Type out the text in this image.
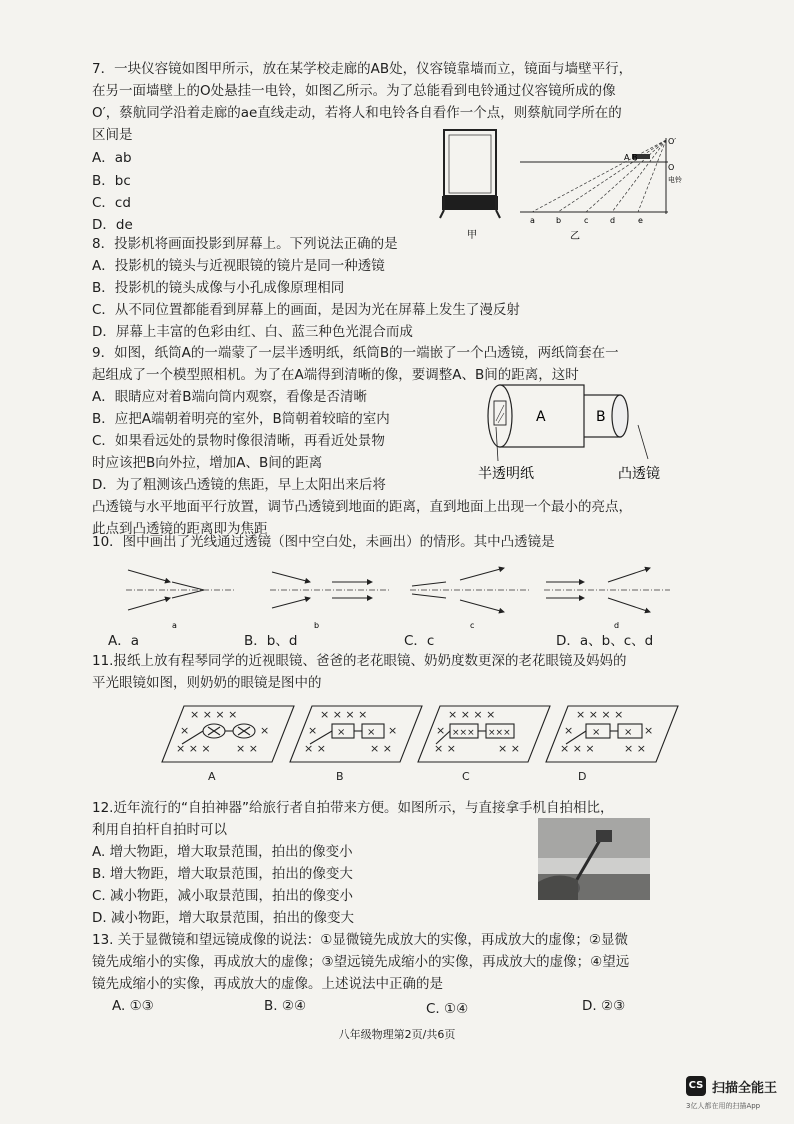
7．一块仪容镜如图甲所示，放在某学校走廊的AB处，仪容镜靠墙而立，镜面与墙壁平行，
在另一面墙壁上的O处悬挂一电铃，如图乙所示。为了总能看到电铃通过仪容镜所成的像
O′，蔡航同学沿着走廊的ae直线走动，若将人和电铃各自看作一个点，则蔡航同学所在的
区间是
A．ab
B．bc
C．cd
D．de
甲
O′
A B
O
电铃
a	b	c	d	e
乙
8．投影机将画面投影到屏幕上。下列说法正确的是
A．投影机的镜头与近视眼镜的镜片是同一种透镜
B．投影机的镜头成像与小孔成像原理相同
C．从不同位置都能看到屏幕上的画面，是因为光在屏幕上发生了漫反射
D．屏幕上丰富的色彩由红、白、蓝三种色光混合而成
9．如图，纸筒A的一端蒙了一层半透明纸，纸筒B的一端嵌了一个凸透镜，两纸筒套在一
起组成了一个模型照相机。为了在A端得到清晰的像，要调整A、B间的距离，这时
A．眼睛应对着B端向筒内观察，看像是否清晰
B．应把A端朝着明亮的室外，B筒朝着较暗的室内
C．如果看远处的景物时像很清晰，再看近处景物
时应该把B向外拉，增加A、B间的距离
D．为了粗测该凸透镜的焦距，早上太阳出来后将
凸透镜与水平地面平行放置，调节凸透镜到地面的距离，直到地面上出现一个最小的亮点，
此点到凸透镜的距离即为焦距
A	B
半透明纸	凸透镜
10．图中画出了光线通过透镜（图中空白处，未画出）的情形。其中凸透镜是
a	b	c	d
A．a	B．b、d	C．c	D．a、b、c、d
11.报纸上放有程琴同学的近视眼镜、爸爸的老花眼镜、奶奶度数更深的老花眼镜及妈妈的
平光眼镜如图，则奶奶的眼镜是图中的
× × × ×
×	×
× × × × ×
A
× × × ×
×	×
× ×	× ×
× ×
B
× × × ×
×
× ×	× ×
××× ×××
C
× × × ×
×	×
× × ×	× ×
× ×
D
12.近年流行的“自拍神器”给旅行者自拍带来方便。如图所示，与直接拿手机自拍相比，
利用自拍杆自拍时可以
A. 增大物距，增大取景范围，拍出的像变小
B. 增大物距，增大取景范围，拍出的像变大
C. 减小物距，减小取景范围，拍出的像变小
D. 减小物距，增大取景范围，拍出的像变大
13. 关于显微镜和望远镜成像的说法：①显微镜先成放大的实像，再成放大的虚像；②显微
镜先成缩小的实像，再成放大的虚像；③望远镜先成缩小的实像，再成放大的虚像；④望远
镜先成缩小的实像，再成放大的虚像。上述说法中正确的是
A. ①③	B. ②④	C. ①④	D. ②③
八年级物理第2页/共6页
CS 扫描全能王
3亿人都在用的扫描App
